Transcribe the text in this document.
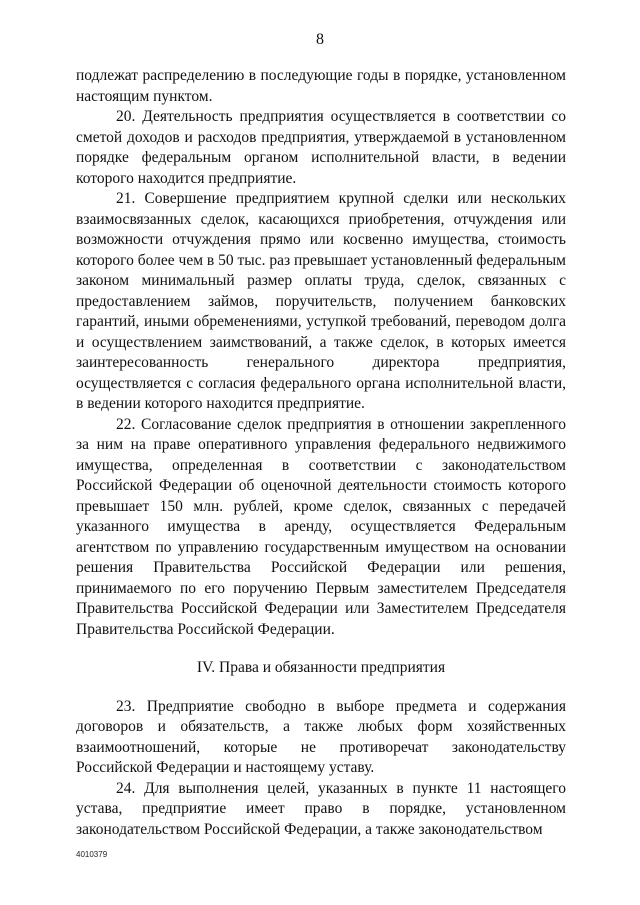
8

подлежат распределению в последующие годы в порядке, установленном настоящим пунктом.

20. Деятельность предприятия осуществляется в соответствии со сметой доходов и расходов предприятия, утверждаемой в установленном порядке федеральным органом исполнительной власти, в ведении которого находится предприятие.

21. Совершение предприятием крупной сделки или нескольких взаимосвязанных сделок, касающихся приобретения, отчуждения или возможности отчуждения прямо или косвенно имущества, стоимость которого более чем в 50 тыс. раз превышает установленный федеральным законом минимальный размер оплаты труда, сделок, связанных с предоставлением займов, поручительств, получением банковских гарантий, иными обременениями, уступкой требований, переводом долга и осуществлением заимствований, а также сделок, в которых имеется заинтересованность генерального директора предприятия, осуществляется с согласия федерального органа исполнительной власти, в ведении которого находится предприятие.

22. Согласование сделок предприятия в отношении закрепленного за ним на праве оперативного управления федерального недвижимого имущества, определенная в соответствии с законодательством Российской Федерации об оценочной деятельности стоимость которого превышает 150 млн. рублей, кроме сделок, связанных с передачей указанного имущества в аренду, осуществляется Федеральным агентством по управлению государственным имуществом на основании решения Правительства Российской Федерации или решения, принимаемого по его поручению Первым заместителем Председателя Правительства Российской Федерации или Заместителем Председателя Правительства Российской Федерации.

IV. Права и обязанности предприятия

23. Предприятие свободно в выборе предмета и содержания договоров и обязательств, а также любых форм хозяйственных взаимоотношений, которые не противоречат законодательству Российской Федерации и настоящему уставу.

24. Для выполнения целей, указанных в пункте 11 настоящего устава, предприятие имеет право в порядке, установленном законодательством Российской Федерации, а также законодательством

4010379
